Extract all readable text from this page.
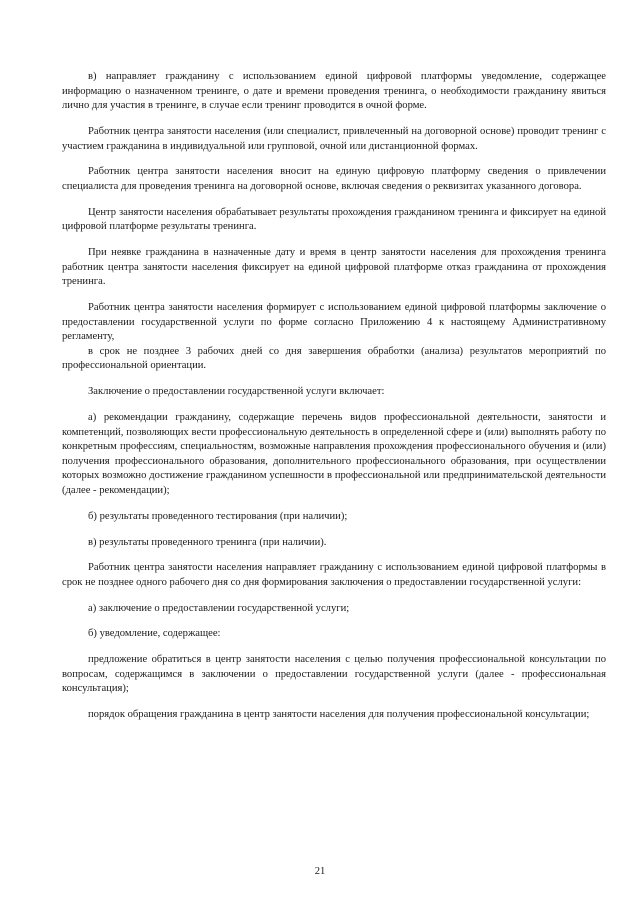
в) направляет гражданину с использованием единой цифровой платформы уведомление, содержащее информацию о назначенном тренинге, о дате и времени проведения тренинга, о необходимости гражданину явиться лично для участия в тренинге, в случае если тренинг проводится в очной форме.

Работник центра занятости населения (или специалист, привлеченный на договорной основе) проводит тренинг с участием гражданина в индивидуальной или групповой, очной или дистанционной формах.

Работник центра занятости населения вносит на единую цифровую платформу сведения о привлечении специалиста для проведения тренинга на договорной основе, включая сведения о реквизитах указанного договора.

Центр занятости населения обрабатывает результаты прохождения гражданином тренинга и фиксирует на единой цифровой платформе результаты тренинга.

При неявке гражданина в назначенные дату и время в центр занятости населения для прохождения тренинга работник центра занятости населения фиксирует на единой цифровой платформе отказ гражданина от прохождения тренинга.

Работник центра занятости населения формирует с использованием единой цифровой платформы заключение о предоставлении государственной услуги по форме согласно Приложению 4 к настоящему Административному регламенту,

в срок не позднее 3 рабочих дней со дня завершения обработки (анализа) результатов мероприятий по профессиональной ориентации.

Заключение о предоставлении государственной услуги включает:

а) рекомендации гражданину, содержащие перечень видов профессиональной деятельности, занятости и компетенций, позволяющих вести профессиональную деятельность в определенной сфере и (или) выполнять работу по конкретным профессиям, специальностям, возможные направления прохождения профессионального обучения и (или) получения профессионального образования, дополнительного профессионального образования, при осуществлении которых возможно достижение гражданином успешности в профессиональной или предпринимательской деятельности (далее - рекомендации);

б) результаты проведенного тестирования (при наличии);

в) результаты проведенного тренинга (при наличии).

Работник центра занятости населения направляет гражданину с использованием единой цифровой платформы в срок не позднее одного рабочего дня со дня формирования заключения о предоставлении государственной услуги:

а) заключение о предоставлении государственной услуги;

б) уведомление, содержащее:

предложение обратиться в центр занятости населения с целью получения профессиональной консультации по вопросам, содержащимся в заключении о предоставлении государственной услуги (далее - профессиональная консультация);

порядок обращения гражданина в центр занятости населения для получения профессиональной консультации;

21
